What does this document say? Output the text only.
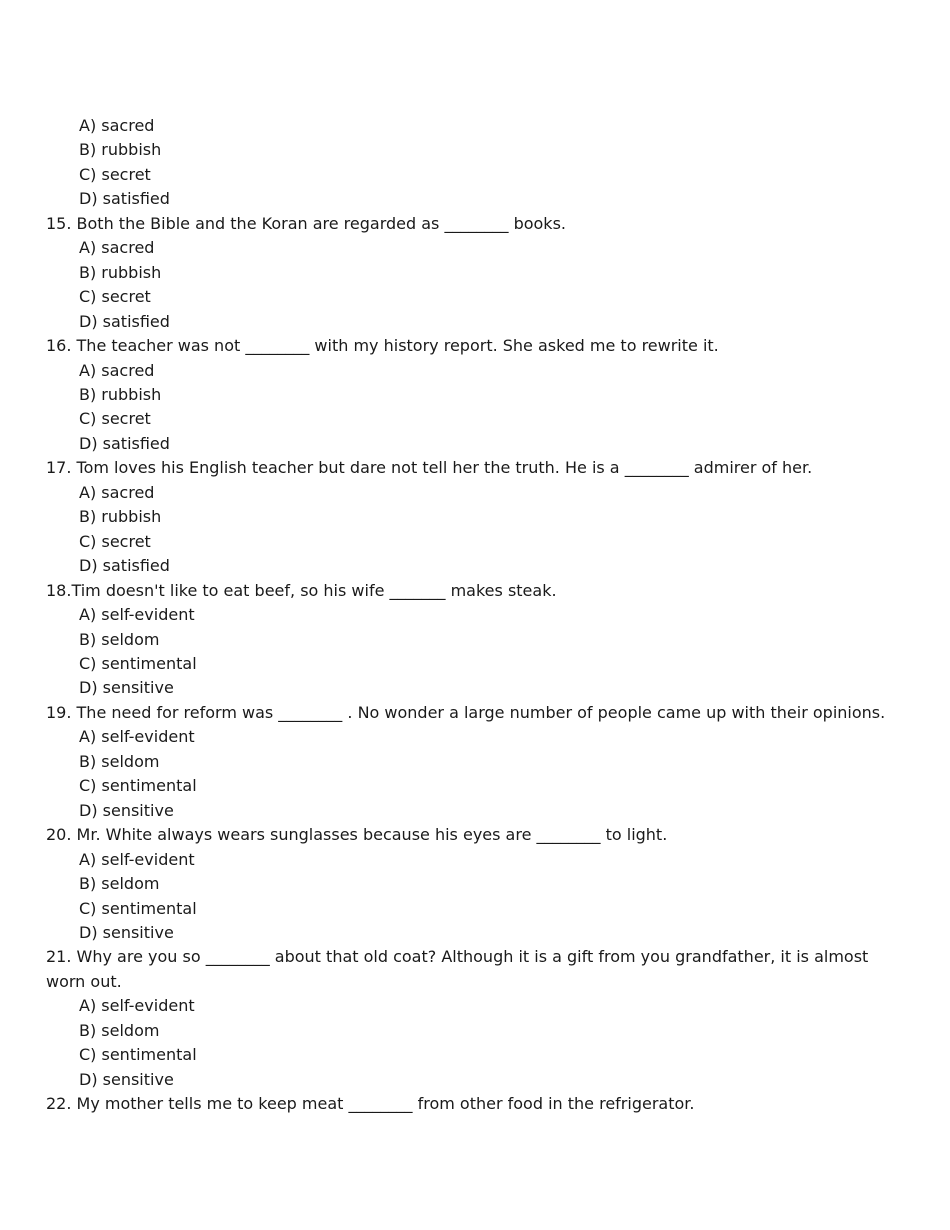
A) sacred

B) rubbish

C) secret

D) satisfied

15. Both the Bible and the Koran are regarded as ________ books.

A) sacred

B) rubbish

C) secret

D) satisfied

16. The teacher was not ________ with my history report. She asked me to rewrite it.

A) sacred

B) rubbish

C) secret

D) satisfied

17. Tom loves his English teacher but dare not tell her the truth. He is a ________ admirer of her.

A) sacred

B) rubbish

C) secret

D) satisfied

18.Tim doesn't like to eat beef, so his wife _______ makes steak.

A) self-evident

B) seldom

C) sentimental

D) sensitive

19. The need for reform was ________ . No wonder a large number of people came up with their opinions.

A) self-evident

B) seldom

C) sentimental

D) sensitive

20. Mr. White always wears sunglasses because his eyes are ________ to light.

A) self-evident

B) seldom

C) sentimental

D) sensitive

21. Why are you so ________ about that old coat? Although it is a gift from you grandfather, it is almost

worn out.

A) self-evident

B) seldom

C) sentimental

D) sensitive

22. My mother tells me to keep meat ________ from other food in the refrigerator.
